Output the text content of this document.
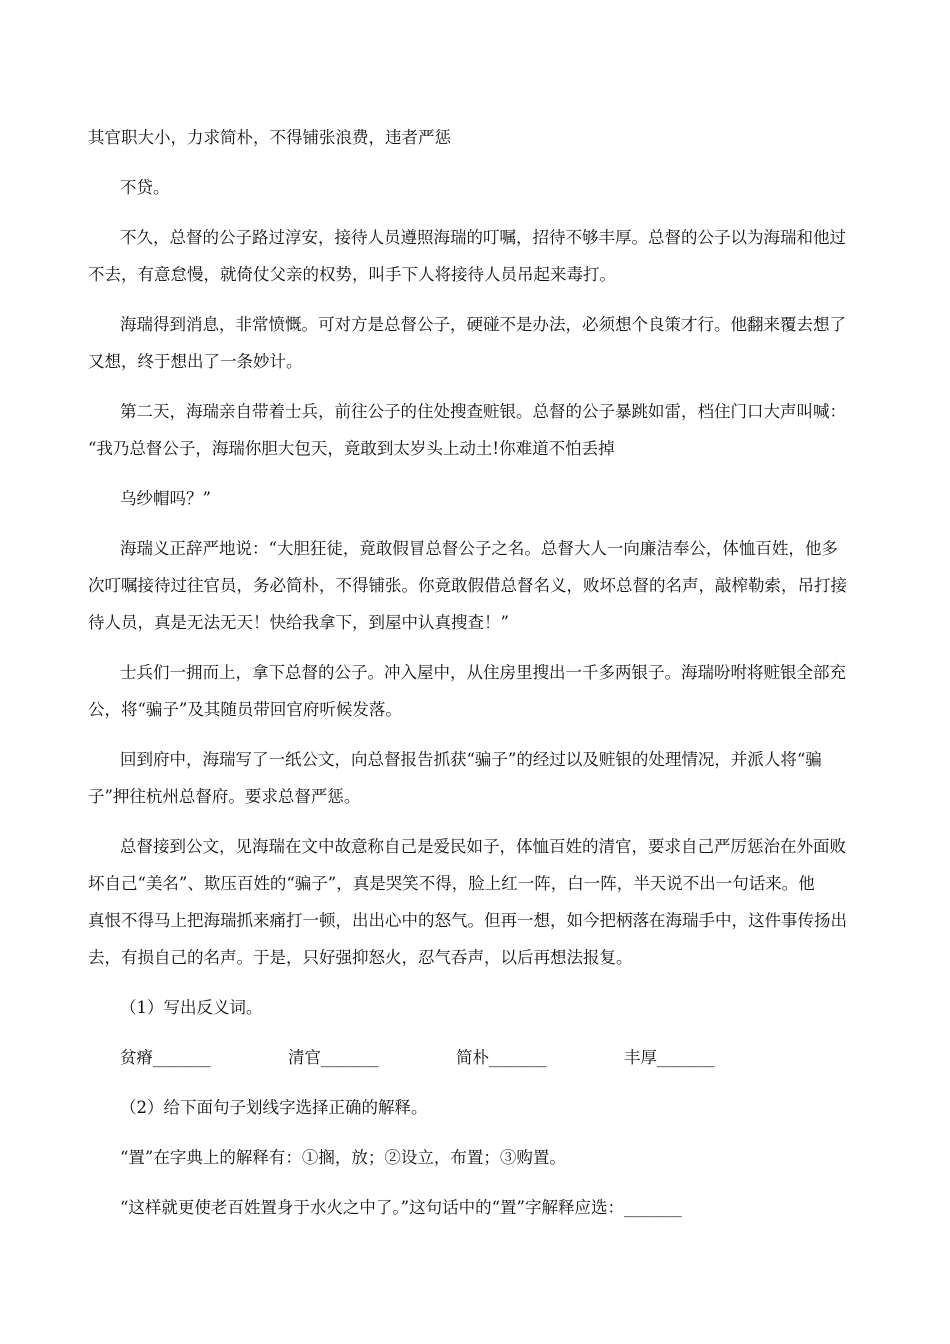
其官职大小，力求简朴，不得铺张浪费，违者严惩
不贷。
不久，总督的公子路过淳安，接待人员遵照海瑞的叮嘱，招待不够丰厚。总督的公子以为海瑞和他过
不去，有意怠慢，就倚仗父亲的权势，叫手下人将接待人员吊起来毒打。
海瑞得到消息，非常愤慨。可对方是总督公子，硬碰不是办法，必须想个良策才行。他翻来覆去想了
又想，终于想出了一条妙计。
第二天，海瑞亲自带着士兵，前往公子的住处搜查赃银。总督的公子暴跳如雷，档住门口大声叫喊：
“我乃总督公子，海瑞你胆大包天，竟敢到太岁头上动土!你难道不怕丢掉
乌纱帽吗？”
海瑞义正辞严地说：“大胆狂徒，竟敢假冒总督公子之名。总督大人一向廉洁奉公，体恤百姓，他多
次叮嘱接待过往官员，务必简朴，不得铺张。你竟敢假借总督名义，败坏总督的名声，敲榨勒索，吊打接
待人员，真是无法无天！快给我拿下，到屋中认真搜查！”
士兵们一拥而上，拿下总督的公子。冲入屋中，从住房里搜出一千多两银子。海瑞吩咐将赃银全部充
公，将“骗子”及其随员带回官府听候发落。
回到府中，海瑞写了一纸公文，向总督报告抓获“骗子”的经过以及赃银的处理情况，并派人将“骗
子”押往杭州总督府。要求总督严惩。
总督接到公文，见海瑞在文中故意称自己是爱民如子，体恤百姓的清官，要求自己严厉惩治在外面败
坏自己“美名”、欺压百姓的“骗子”，真是哭笑不得，脸上红一阵，白一阵，半天说不出一句话来。他
真恨不得马上把海瑞抓来痛打一顿，出出心中的怒气。但再一想，如今把柄落在海瑞手中，这件事传扬出
去，有损自己的名声。于是，只好强抑怒火，忍气吞声，以后再想法报复。
（1）写出反义词。
贫瘠_______	清官_______	简朴_______	丰厚_______
（2）给下面句子划线字选择正确的解释。
“置”在字典上的解释有：①搁，放；②设立，布置；③购置。
“这样就更使老百姓置身于水火之中了。”这句话中的“置”字解释应选：_______
